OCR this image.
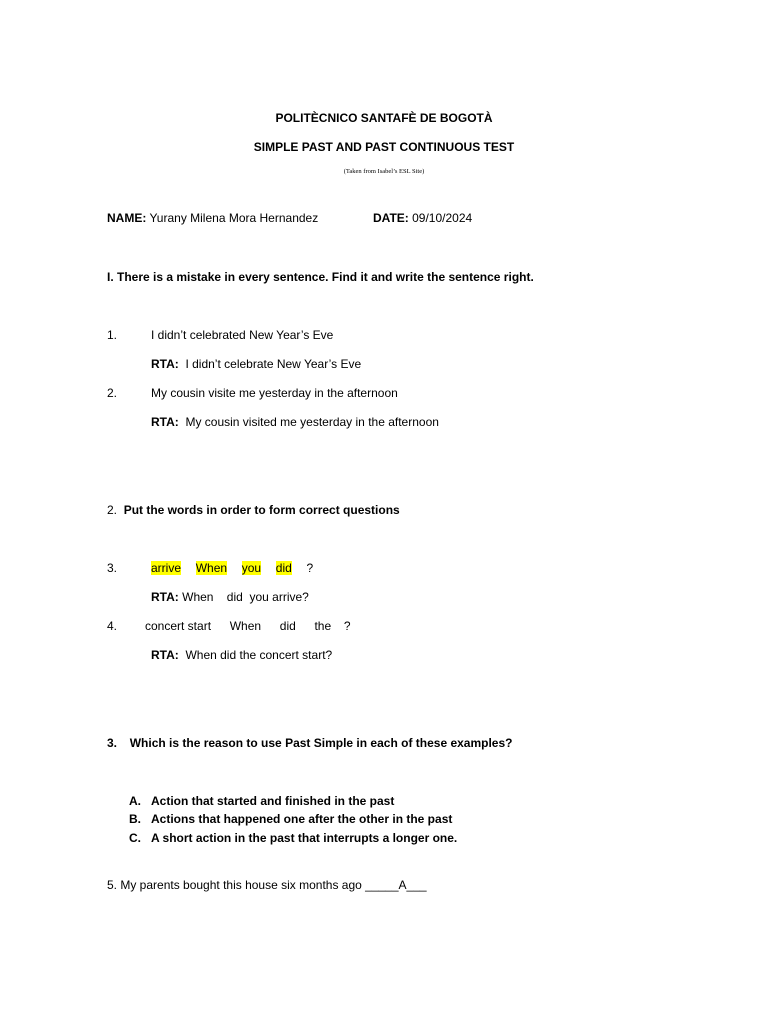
POLITÈCNICO SANTAFÈ DE BOGOTÀ
SIMPLE PAST AND PAST CONTINUOUS TEST
(Taken from Isabel’s ESL Site)
NAME: Yurany Milena Mora Hernandez	DATE: 09/10/2024
I. There is a mistake in every sentence. Find it and write the sentence right.
1.	I didn’t celebrated New Year’s Eve
RTA: I didn’t celebrate New Year’s Eve
2.	My cousin visite me yesterday in the afternoon
RTA: My cousin visited me yesterday in the afternoon
2. Put the words in order to form correct questions
3.	arrive When you did ?
RTA: When    did  you arrive?
4. concert start When did the ?
RTA: When did the concert start?
3. Which is the reason to use Past Simple in each of these examples?
A. Action that started and finished in the past
B. Actions that happened one after the other in the past
C. A short action in the past that interrupts a longer one.
5. My parents bought this house six months ago _____A___
